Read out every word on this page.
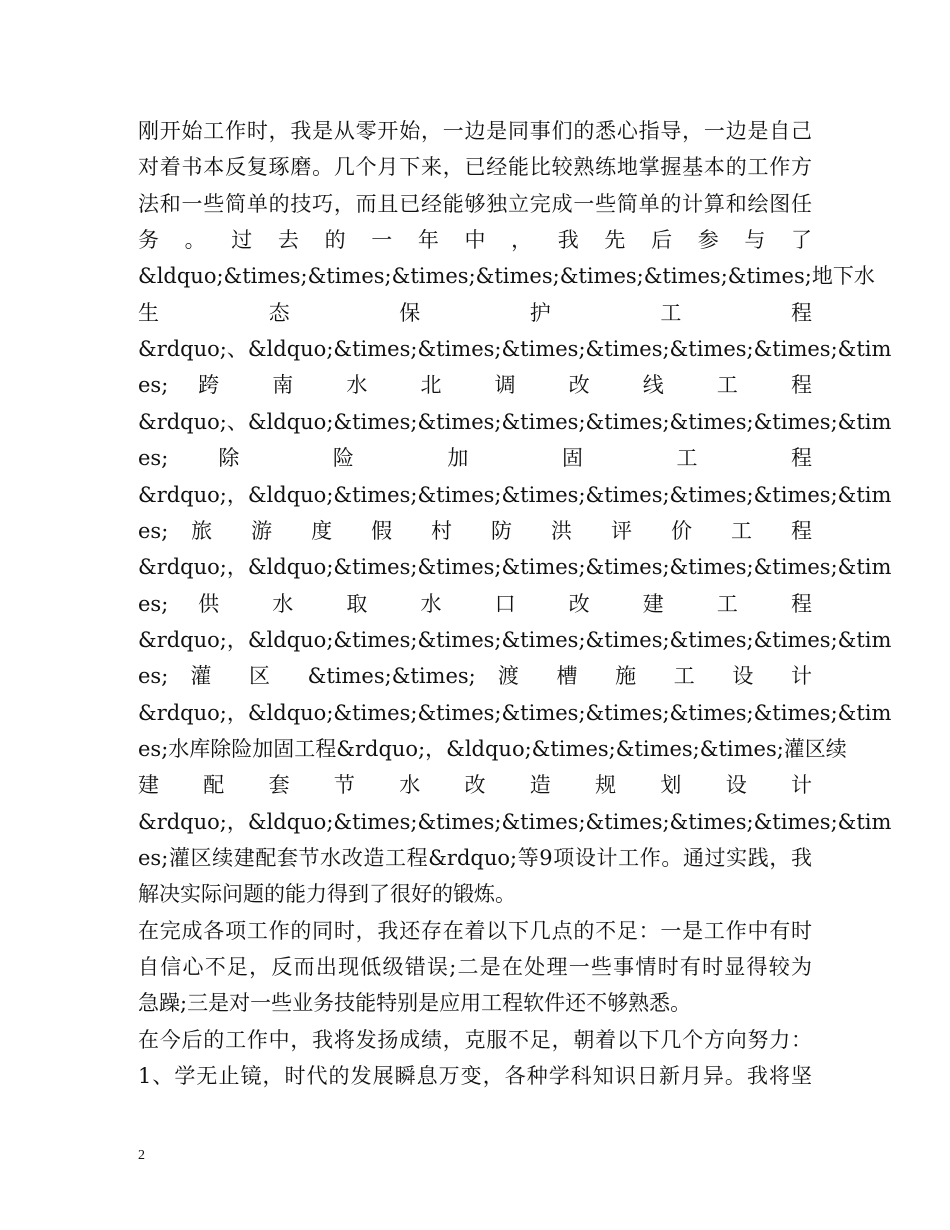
刚开始工作时，我是从零开始，一边是同事们的悉心指导，一边是自己
对着书本反复琢磨。几个月下来，已经能比较熟练地掌握基本的工作方
法和一些简单的技巧，而且已经能够独立完成一些简单的计算和绘图任
务 。 过 去 的 一 年 中 ， 我 先 后 参 与 了
&ldquo;&times;&times;&times;&times;&times;&times;&times;地下水
生 态 保 护 工 程
&rdquo;、&ldquo;&times;&times;&times;&times;&times;&times;&tim
es; 跨 南 水 北 调 改 线 工 程
&rdquo;、&ldquo;&times;&times;&times;&times;&times;&times;&tim
es; 除 险 加 固 工 程
&rdquo;，&ldquo;&times;&times;&times;&times;&times;&times;&tim
es; 旅 游 度 假 村 防 洪 评 价 工 程
&rdquo;，&ldquo;&times;&times;&times;&times;&times;&times;&tim
es; 供 水 取 水 口 改 建 工 程
&rdquo;，&ldquo;&times;&times;&times;&times;&times;&times;&tim
es; 灌 区 &times;&times; 渡 槽 施 工 设 计
&rdquo;，&ldquo;&times;&times;&times;&times;&times;&times;&tim
es;水库除险加固工程&rdquo;，&ldquo;&times;&times;&times;灌区续
建 配 套 节 水 改 造 规 划 设 计
&rdquo;，&ldquo;&times;&times;&times;&times;&times;&times;&tim
es;灌区续建配套节水改造工程&rdquo;等9项设计工作。通过实践，我
解决实际问题的能力得到了很好的锻炼。
在完成各项工作的同时，我还存在着以下几点的不足：一是工作中有时
自信心不足，反而出现低级错误;二是在处理一些事情时有时显得较为
急躁;三是对一些业务技能特别是应用工程软件还不够熟悉。
在今后的工作中，我将发扬成绩，克服不足，朝着以下几个方向努力：
1、学无止镜，时代的发展瞬息万变，各种学科知识日新月异。我将坚
2
